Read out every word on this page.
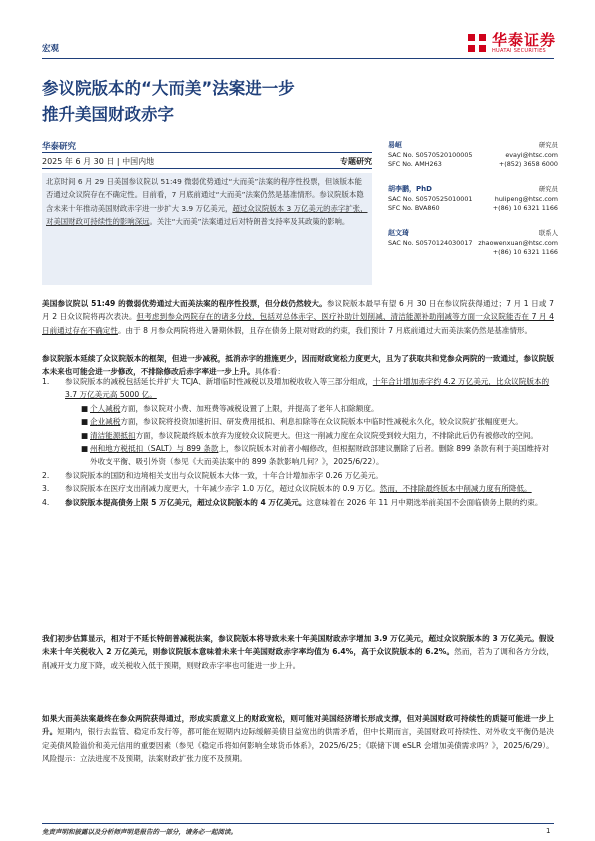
宏观	华泰证券
HUATAI SECURITIES
参议院版本的“大而美”法案进一步
推升美国财政赤字
华泰研究
2025 年 6 月 30 日 | 中国内地	专题研究
北京时间 6 月 29 日美国参议院以 51:49 微弱优势通过“大而美”法案的程序性投票，但该版本能否通过众议院存在不确定性。目前看，7 月底前通过“大而美”法案仍然是基准情形。参议院版本隐含未来十年推动美国财政赤字进一步扩大 3.9 万亿美元，超过众议院版本 3 万亿美元的赤字扩张，对美国财政可持续性的影响深远。关注“大而美”法案通过后对特朗普支持率及其政策的影响。
易峘	研究员
SAC No. S0570520100005
SFC No. AMH263
evayi@htsc.com
+(852) 3658 6000
胡李鹏，PhD	研究员
SAC No. S0570525010001
SFC No. BVA860
hulipeng@htsc.com
+(86) 10 6321 1166
赵文琦	联系人
SAC No. S0570124030017 zhaowenxuan@htsc.com
+(86) 10 6321 1166
美国参议院以 51:49 的微弱优势通过大而美法案的程序性投票，但分歧仍然较大。参议院版本最早有望 6 月 30 日在参议院获得通过；7 月 1 日或 7 月 2 日众议院将再次表决。但考虑到参众两院存在的诸多分歧，包括对总体赤字、医疗补助计划削减、清洁能源补助削减等方面一众议院能否在 7 月 4 日前通过存在不确定性。由于 8 月参众两院将进入暑期休假，且存在债务上限对财政的约束，我们预计 7 月底前通过大而美法案仍然是基准情形。
参议院版本延续了众议院版本的框架，但进一步减税，抵消赤字的措施更少，因而财政宽松力度更大，且为了获取共和党参众两院的一致通过，参议院版本未来也可能会进一步修改，不排除修改后赤字率进一步上升。具体看：
1. 参议院版本的减税包括延长并扩大 TCJA、新增临时性减税以及增加税收收入等三部分组成，十年合计增加赤字约 4.2 万亿美元，比众议院版本的 3.7 万亿美元高 5000 亿。
■ 个人减税方面，参议院对小费、加班费等减税设置了上限，并提高了老年人扣除额度。
■ 企业减税方面，参议院将投资加速折旧、研发费用抵扣、利息扣除等在众议院版本中临时性减税永久化，较众议院扩张幅度更大。
■ 清洁能源抵扣方面，参议院最终版本放弃为度较众议院更大。但这一削减力度在众议院受到较大阻力，不排除此后仍有被修改的空间。
■ 州和地方税抵扣（SALT）与 899 条款上，参议院版本对前者小幅修改，但根据财政部建议删除了后者。删除 899 条款有利于美国维持对外收支平衡、吸引外资（参见《大而美法案中的 899 条款影响几何？》，2025/6/22）。
2. 参议院版本的国防和边境相关支出与众议院版本大体一致，十年合计增加赤字 0.26 万亿美元。
3. 参议院版本在医疗支出削减力度更大，十年减少赤字 1.0 万亿，超过众议院版本的 0.9 万亿。然而，不排除最终版本中削减力度有所降低。
4. 参议院版本提高债务上限 5 万亿美元，超过众议院版本的 4 万亿美元。这意味着在 2026 年 11 月中期选举前美国不会面临债务上限的约束。
我们初步估算显示，相对于不延长特朗普减税法案，参议院版本将导致未来十年美国财政赤字增加 3.9 万亿美元，超过众议院版本的 3 万亿美元。假设未来十年关税收入 2 万亿美元，则参议院版本意味着未来十年美国财政赤字率均值为 6.4%，高于众议院版本的 6.2%。然而，若为了调和各方分歧，削减开支力度下降，或关税收入低于预期，则财政赤字率也可能进一步上升。
如果大而美法案最终在参众两院获得通过，形成实质意义上的财政宽松，则可能对美国经济增长形成支撑，但对美国财政可持续性的质疑可能进一步上升。短期内，银行去监管、稳定币发行等，都可能在短期内边际缓解美债目益宽出的供需矛盾，但中长期而言，美国财政可持续性、对外收支平衡仍是决定美债风险溢价和美元信用的重要因素（参见《稳定币将如何影响全球货币体系》，2025/6/25；《联储下调 eSLR 会增加美债需求吗？》，2025/6/29）。
风险提示：立法进度不及预期，法案财政扩张力度不及预期。
免责声明和披露以及分析师声明是报告的一部分，请务必一起阅读。	1
